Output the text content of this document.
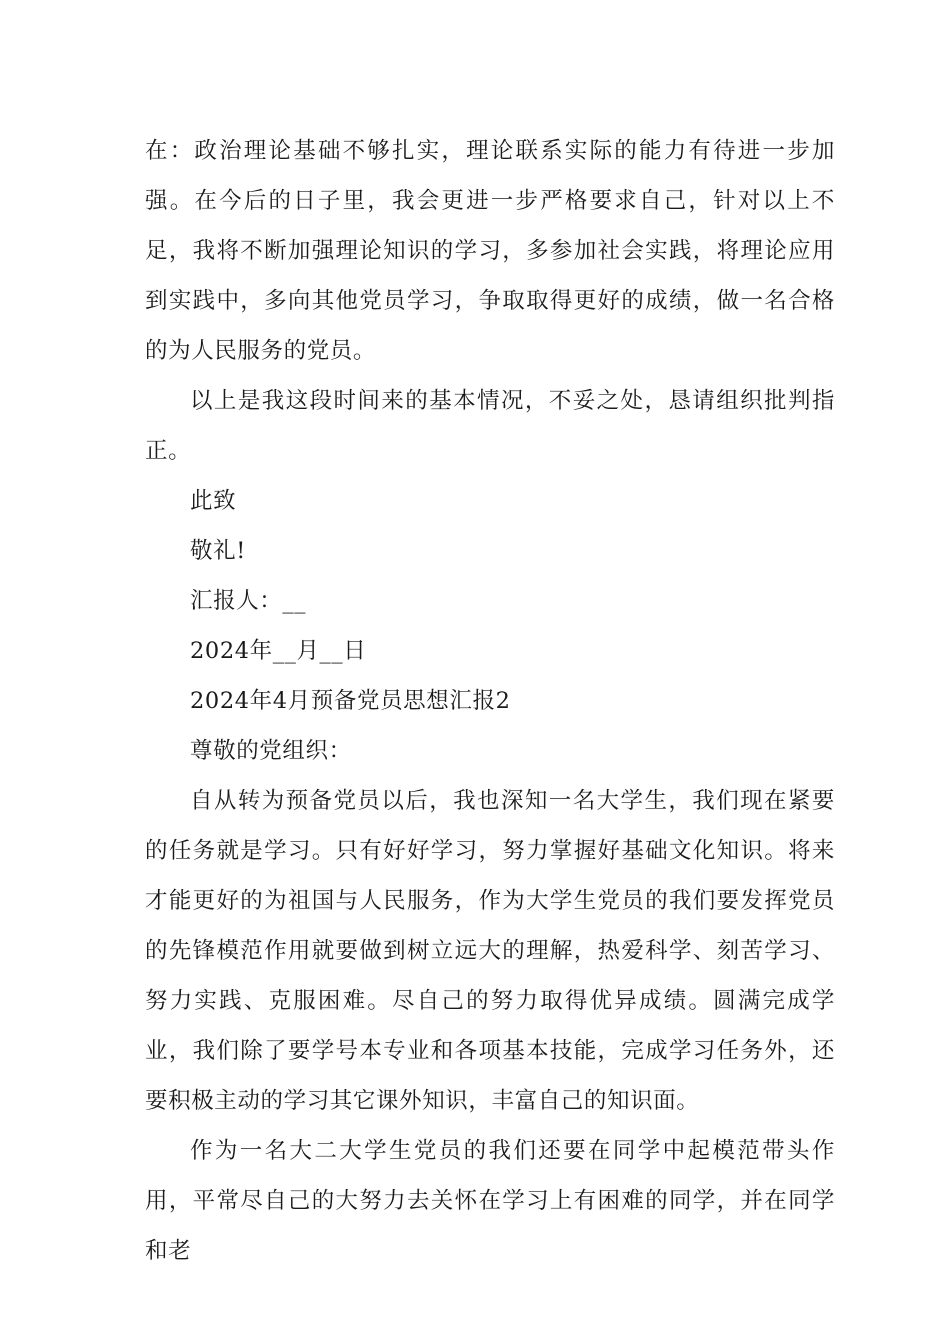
在：政治理论基础不够扎实，理论联系实际的能力有待进一步加强。在今后的日子里，我会更进一步严格要求自己，针对以上不足，我将不断加强理论知识的学习，多参加社会实践，将理论应用到实践中，多向其他党员学习，争取取得更好的成绩，做一名合格的为人民服务的党员。

以上是我这段时间来的基本情况，不妥之处，恳请组织批判指正。

此致

敬礼!

汇报人：__

2024年__月__日

2024年4月预备党员思想汇报2

尊敬的党组织：

自从转为预备党员以后，我也深知一名大学生，我们现在紧要的任务就是学习。只有好好学习，努力掌握好基础文化知识。将来才能更好的为祖国与人民服务，作为大学生党员的我们要发挥党员的先锋模范作用就要做到树立远大的理解，热爱科学、刻苦学习、努力实践、克服困难。尽自己的努力取得优异成绩。圆满完成学业，我们除了要学号本专业和各项基本技能，完成学习任务外，还要积极主动的学习其它课外知识，丰富自己的知识面。

作为一名大二大学生党员的我们还要在同学中起模范带头作用，平常尽自己的大努力去关怀在学习上有困难的同学，并在同学和老
